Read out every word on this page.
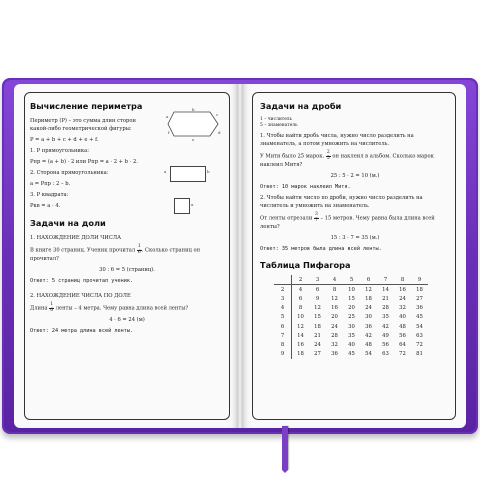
Вычисление периметра
Периметр (P) – это сумма длин сторон какой-либо геометрической фигуры:
P = a + b + c + d + e + f.
1. P прямоугольника:
Pпр = (a + b) · 2 или Pпр = a · 2 + b · 2.
2. Сторона прямоугольника:
a = Pпр : 2 – b.
3. P квадрата:
Pкв = a · 4.
Задачи на доли
1. НАХОЖДЕНИЕ ДОЛИ ЧИСЛА
В книге 30 страниц. Ученик прочитал $\frac{1}{6}$ . Сколько страниц он прочитал?
30 : 6 = 5 (страниц).
Ответ: 5 страниц прочитал ученик.
2. НАХОЖДЕНИЕ ЧИСЛА ПО ДОЛЕ
Длина $\frac{1}{6}$ ленты – 4 метра. Чему равна длина всей ленты?
4 · 6 = 24 (м)
Ответ: 24 метра длина всей ленты.
b
c
a
d
f
e
a	b
a
Задачи на дроби
1 – числитель
5 – знаменатель
1. Чтобы найти дробь числа, нужно число разделить на знаменатель, а потом умножить на числитель.
У Мити было 25 марок. $\frac{2}{5}$ он наклеил в альбом. Сколько марок наклеил Митя?
25 : 5 · 2 = 10 (м.)
Ответ: 10 марок наклеил Митя.
2. Чтобы найти число по дроби, нужно число разделить на числитель и умножить на знаменатель.
От ленты отрезали $\frac{3}{7} - 15$ метров. Чему равна была длина всей ленты?
15 : 3 · 7 = 35 (м.)
Ответ: 35 метров была длина всей ленты.
Таблица Пифагора
	2	3	4	5	6	7	8	9
2	4	6	8	10	12	14	16	18
3	6	9	12	15	18	21	24	27
4	8	12	16	20	24	28	32	36
5	10	15	20	25	30	35	40	45
6	12	18	24	30	36	42	48	54
7	14	21	28	35	42	49	56	63
8	16	24	32	40	48	56	64	72
9	18	27	36	45	54	63	72	81
